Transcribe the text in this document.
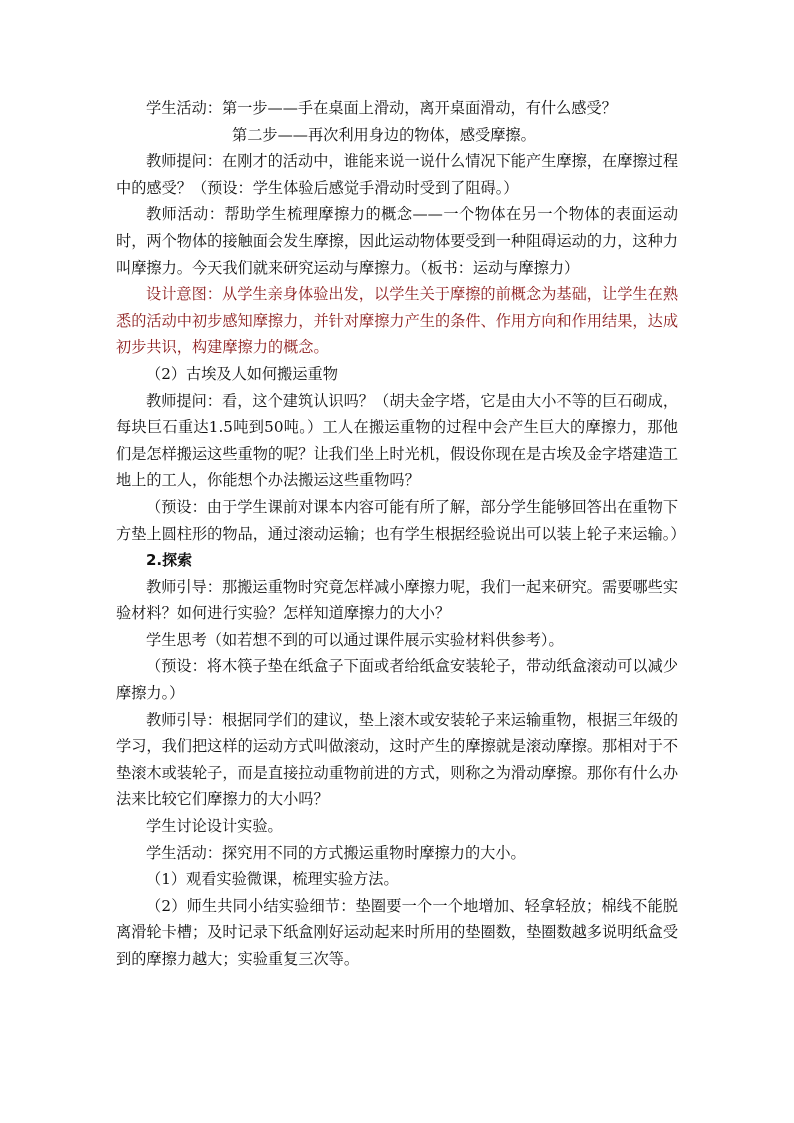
学生活动：第一步——手在桌面上滑动，离开桌面滑动，有什么感受？

第二步——再次利用身边的物体，感受摩擦。

教师提问：在刚才的活动中，谁能来说一说什么情况下能产生摩擦，在摩擦过程中的感受？（预设：学生体验后感觉手滑动时受到了阻碍。）

教师活动：帮助学生梳理摩擦力的概念——一个物体在另一个物体的表面运动时，两个物体的接触面会发生摩擦，因此运动物体要受到一种阻碍运动的力，这种力叫摩擦力。今天我们就来研究运动与摩擦力。（板书：运动与摩擦力）

设计意图：从学生亲身体验出发，以学生关于摩擦的前概念为基础，让学生在熟悉的活动中初步感知摩擦力，并针对摩擦力产生的条件、作用方向和作用结果，达成初步共识，构建摩擦力的概念。

（2）古埃及人如何搬运重物

教师提问：看，这个建筑认识吗？（胡夫金字塔，它是由大小不等的巨石砌成，每块巨石重达1.5吨到50吨。）工人在搬运重物的过程中会产生巨大的摩擦力，那他们是怎样搬运这些重物的呢？让我们坐上时光机，假设你现在是古埃及金字塔建造工地上的工人，你能想个办法搬运这些重物吗？

（预设：由于学生课前对课本内容可能有所了解，部分学生能够回答出在重物下方垫上圆柱形的物品，通过滚动运输；也有学生根据经验说出可以装上轮子来运输。）

2.探索

教师引导：那搬运重物时究竟怎样减小摩擦力呢，我们一起来研究。需要哪些实验材料？如何进行实验？怎样知道摩擦力的大小？

学生思考（如若想不到的可以通过课件展示实验材料供参考）。

（预设：将木筷子垫在纸盒子下面或者给纸盒安装轮子，带动纸盒滚动可以减少摩擦力。）

教师引导：根据同学们的建议，垫上滚木或安装轮子来运输重物，根据三年级的学习，我们把这样的运动方式叫做滚动，这时产生的摩擦就是滚动摩擦。那相对于不垫滚木或装轮子，而是直接拉动重物前进的方式，则称之为滑动摩擦。那你有什么办法来比较它们摩擦力的大小吗？

学生讨论设计实验。

学生活动：探究用不同的方式搬运重物时摩擦力的大小。

（1）观看实验微课，梳理实验方法。

（2）师生共同小结实验细节：垫圈要一个一个地增加、轻拿轻放；棉线不能脱离滑轮卡槽；及时记录下纸盒刚好运动起来时所用的垫圈数，垫圈数越多说明纸盒受到的摩擦力越大；实验重复三次等。
